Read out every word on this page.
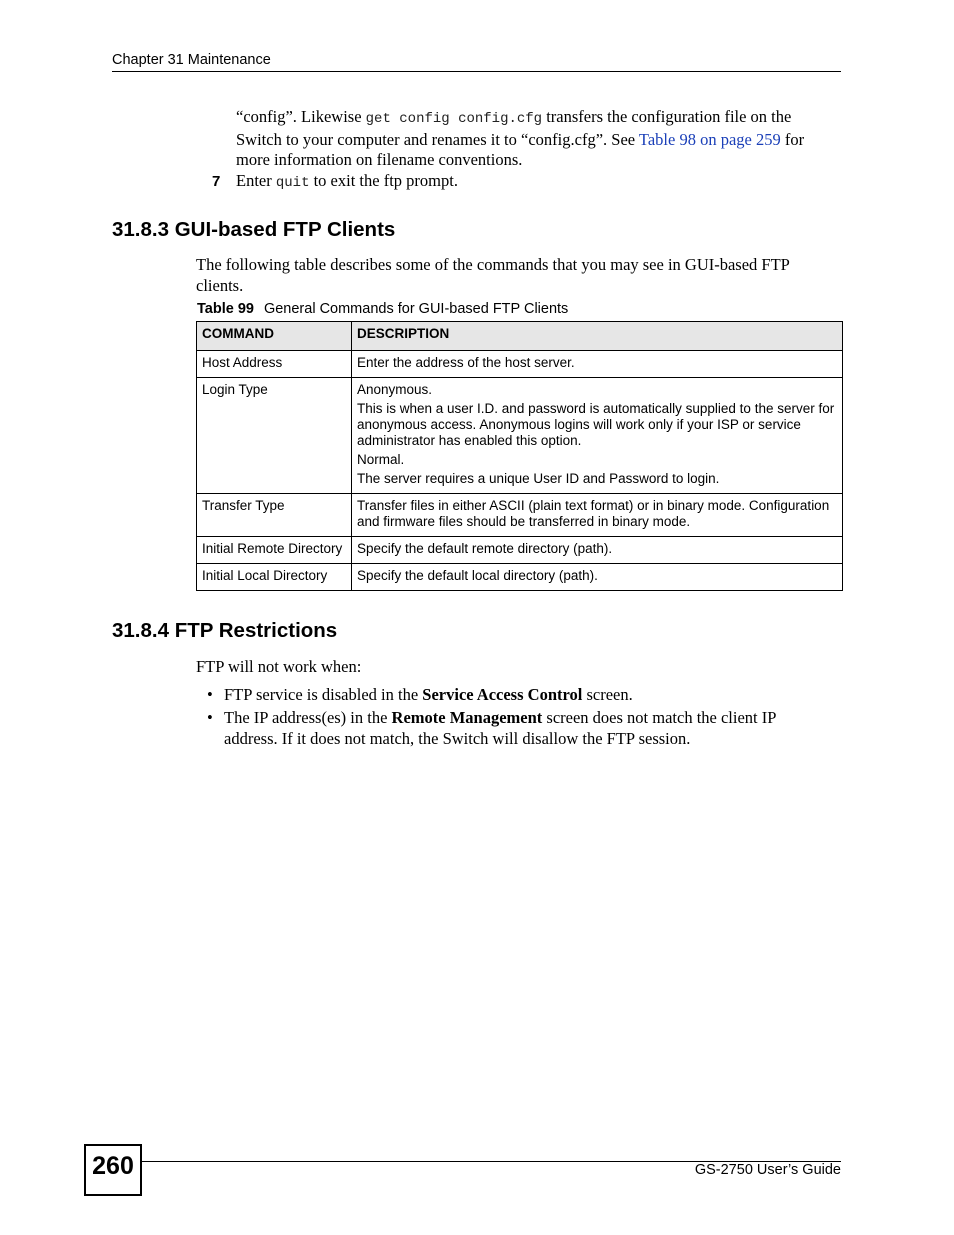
Chapter 31 Maintenance
“config”. Likewise get config config.cfg transfers the configuration file on the Switch to your computer and renames it to “config.cfg”. See Table 98 on page 259 for more information on filename conventions.
7 Enter quit to exit the ftp prompt.
31.8.3 GUI-based FTP Clients
The following table describes some of the commands that you may see in GUI-based FTP clients.
Table 99 General Commands for GUI-based FTP Clients
COMMAND	DESCRIPTION
Host Address	Enter the address of the host server.

Login Type	Anonymous.

This is when a user I.D. and password is automatically supplied to the server for anonymous access. Anonymous logins will work only if your ISP or service administrator has enabled this option.

Normal.

The server requires a unique User ID and Password to login.

Transfer Type	Transfer files in either ASCII (plain text format) or in binary mode. Configuration and firmware files should be transferred in binary mode.

Initial Remote Directory	Specify the default remote directory (path).

Initial Local Directory	Specify the default local directory (path).

31.8.4 FTP Restrictions
FTP will not work when:
• FTP service is disabled in the Service Access Control screen.
• The IP address(es) in the Remote Management screen does not match the client IP address. If it does not match, the Switch will disallow the FTP session.
260	GS-2750 User’s Guide
